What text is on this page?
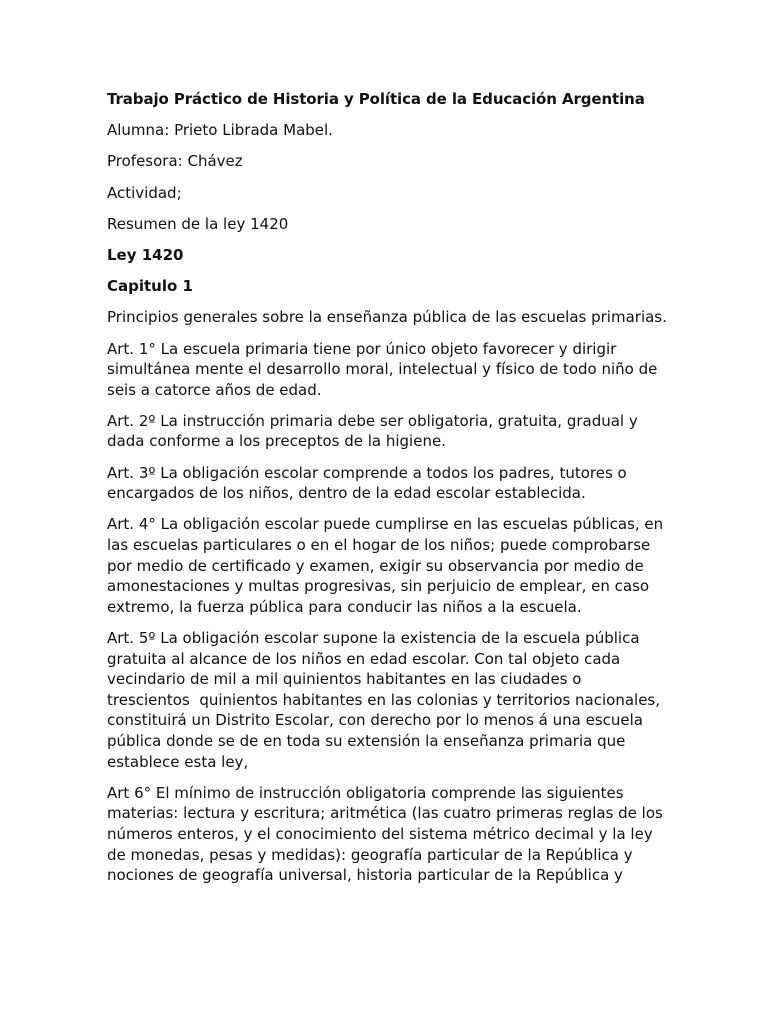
Trabajo Práctico de Historia y Política de la Educación Argentina

Alumna: Prieto Librada Mabel.

Profesora: Chávez

Actividad;

Resumen de la ley 1420

Ley 1420

Capitulo 1

Principios generales sobre la enseñanza pública de las escuelas primarias.

Art. 1° La escuela primaria tiene por único objeto favorecer y dirigir simultánea mente el desarrollo moral, intelectual y físico de todo niño de seis a catorce años de edad.

Art. 2º La instrucción primaria debe ser obligatoria, gratuita, gradual y dada conforme a los preceptos de la higiene.

Art. 3º La obligación escolar comprende a todos los padres, tutores o encargados de los niños, dentro de la edad escolar establecida.

Art. 4° La obligación escolar puede cumplirse en las escuelas públicas, en las escuelas particulares o en el hogar de los niños; puede comprobarse por medio de certificado y examen, exigir su observancia por medio de amonestaciones y multas progresivas, sin perjuicio de emplear, en caso extremo, la fuerza pública para conducir las niños a la escuela.

Art. 5º La obligación escolar supone la existencia de la escuela pública gratuita al alcance de los niños en edad escolar. Con tal objeto cada vecindario de mil a mil quinientos habitantes en las ciudades o trescientos  quinientos habitantes en las colonias y territorios nacionales, constituirá un Distrito Escolar, con derecho por lo menos á una escuela pública donde se de en toda su extensión la enseñanza primaria que establece esta ley,

Art 6° El mínimo de instrucción obligatoria comprende las siguientes materias: lectura y escritura; aritmética (las cuatro primeras reglas de los números enteros, y el conocimiento del sistema métrico decimal y la ley de monedas, pesas y medidas): geografía particular de la República y nociones de geografía universal, historia particular de la República y
